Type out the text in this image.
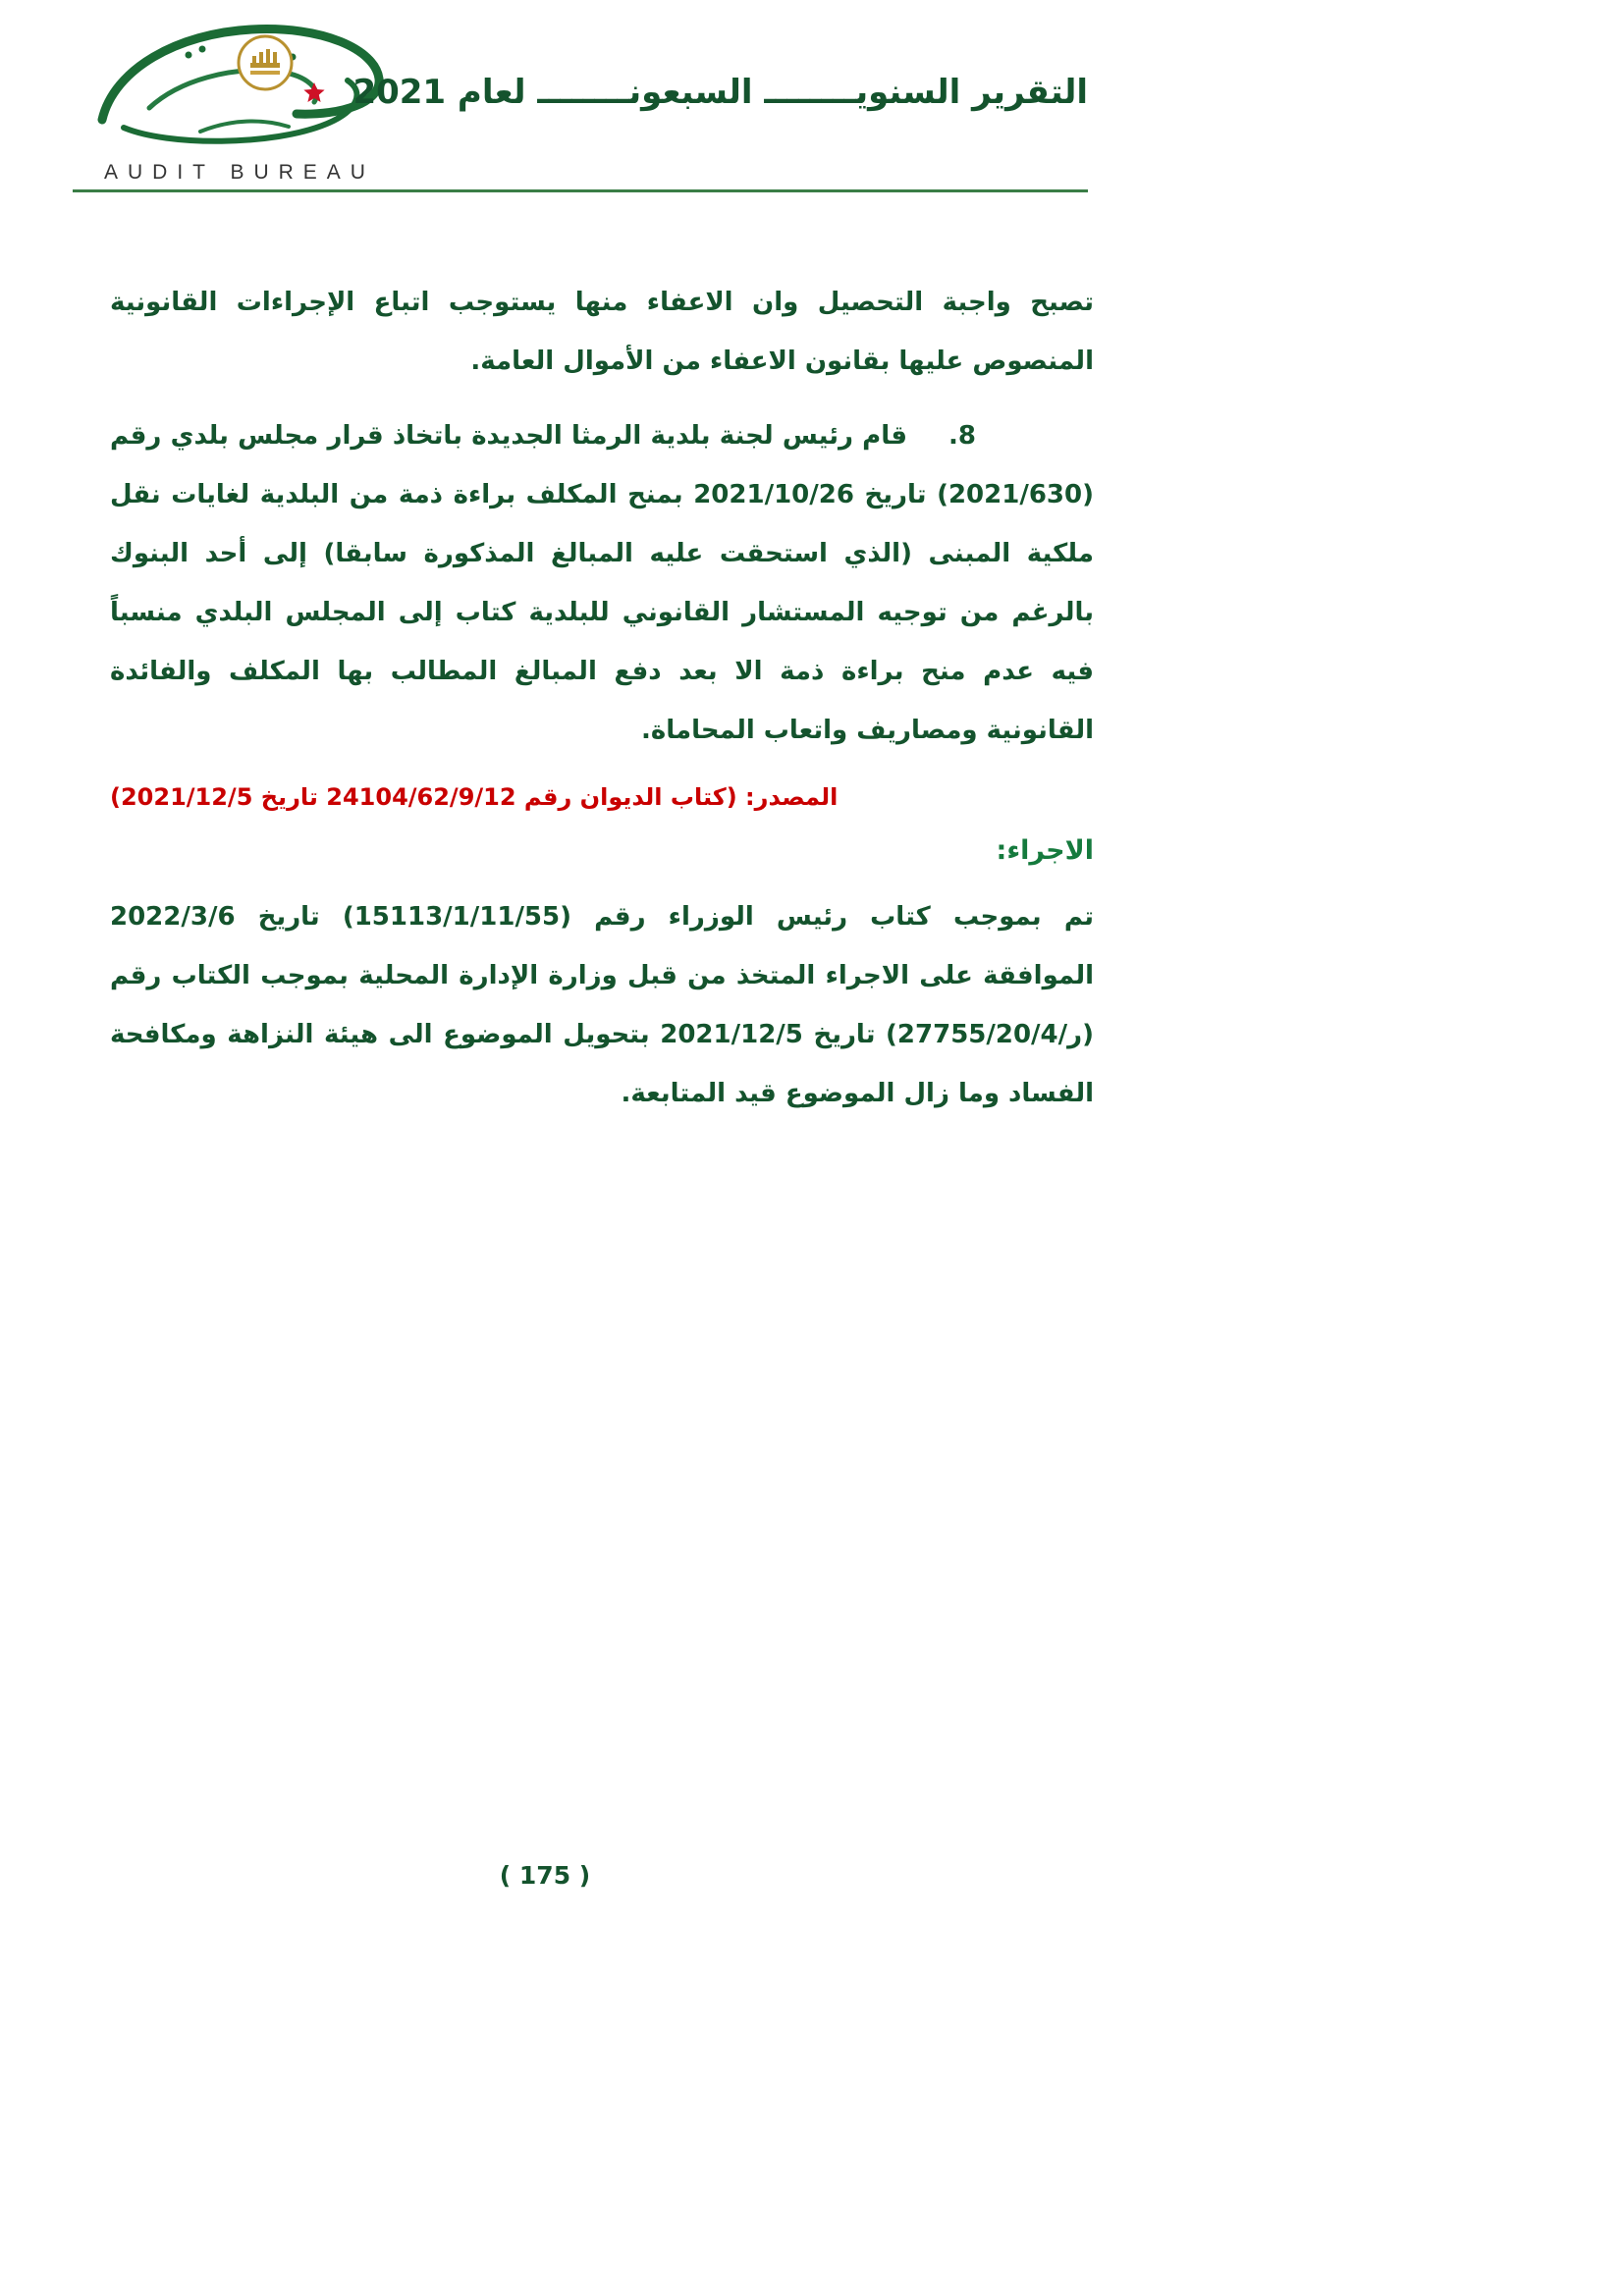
AUDIT BUREAU
التقرير السنويــــــــ السبعونــــــــ لعام 2021

تصبح واجبة التحصيل وان الاعفاء منها يستوجب اتباع الإجراءات القانونية المنصوص عليها بقانون الاعفاء من الأموال العامة.

8.قام رئيس لجنة بلدية الرمثا الجديدة باتخاذ قرار مجلس بلدي رقم (2021/630) تاريخ 2021/10/26 بمنح المكلف براءة ذمة من البلدية لغايات نقل ملكية المبنى (الذي استحقت عليه المبالغ المذكورة سابقا) إلى أحد البنوك بالرغم من توجيه المستشار القانوني للبلدية كتاب إلى المجلس البلدي منسباً فيه عدم منح براءة ذمة الا بعد دفع المبالغ المطالب بها المكلف والفائدة القانونية ومصاريف واتعاب المحاماة.

المصدر: (كتاب الديوان رقم 24104/62/9/12 تاريخ 2021/12/5)

الاجراء:

تم بموجب كتاب رئيس الوزراء رقم (15113/1/11/55) تاريخ 2022/3/6 الموافقة على الاجراء المتخذ من قبل وزارة الإدارة المحلية بموجب الكتاب رقم (ر/27755/20/4) تاريخ 2021/12/5 بتحويل الموضوع الى هيئة النزاهة ومكافحة الفساد وما زال الموضوع قيد المتابعة.

( 175 )
